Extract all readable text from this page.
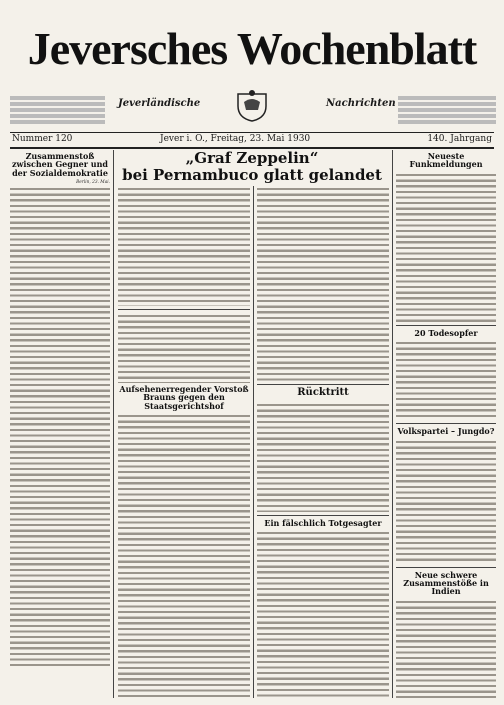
Jeversches Wochenblatt
Jeverländische	Nachrichten
Nummer 120	Jever i. O., Freitag, 23. Mai 1930	140. Jahrgang
Zusammenstoß zwischen Gegner und der Sozialdemokratie
Berlin, 23. Mai.
„Graf Zeppelin“
bei Pernambuco glatt gelandet
Aufsehenerregender Vorstoß Brauns gegen den Staatsgerichtshof
Rücktritt
Ein fälschlich Totgesagter
Neueste Funkmeldungen
20 Todesopfer
Volkspartei – Jungdo?
Neue schwere Zusammenstöße in Indien
